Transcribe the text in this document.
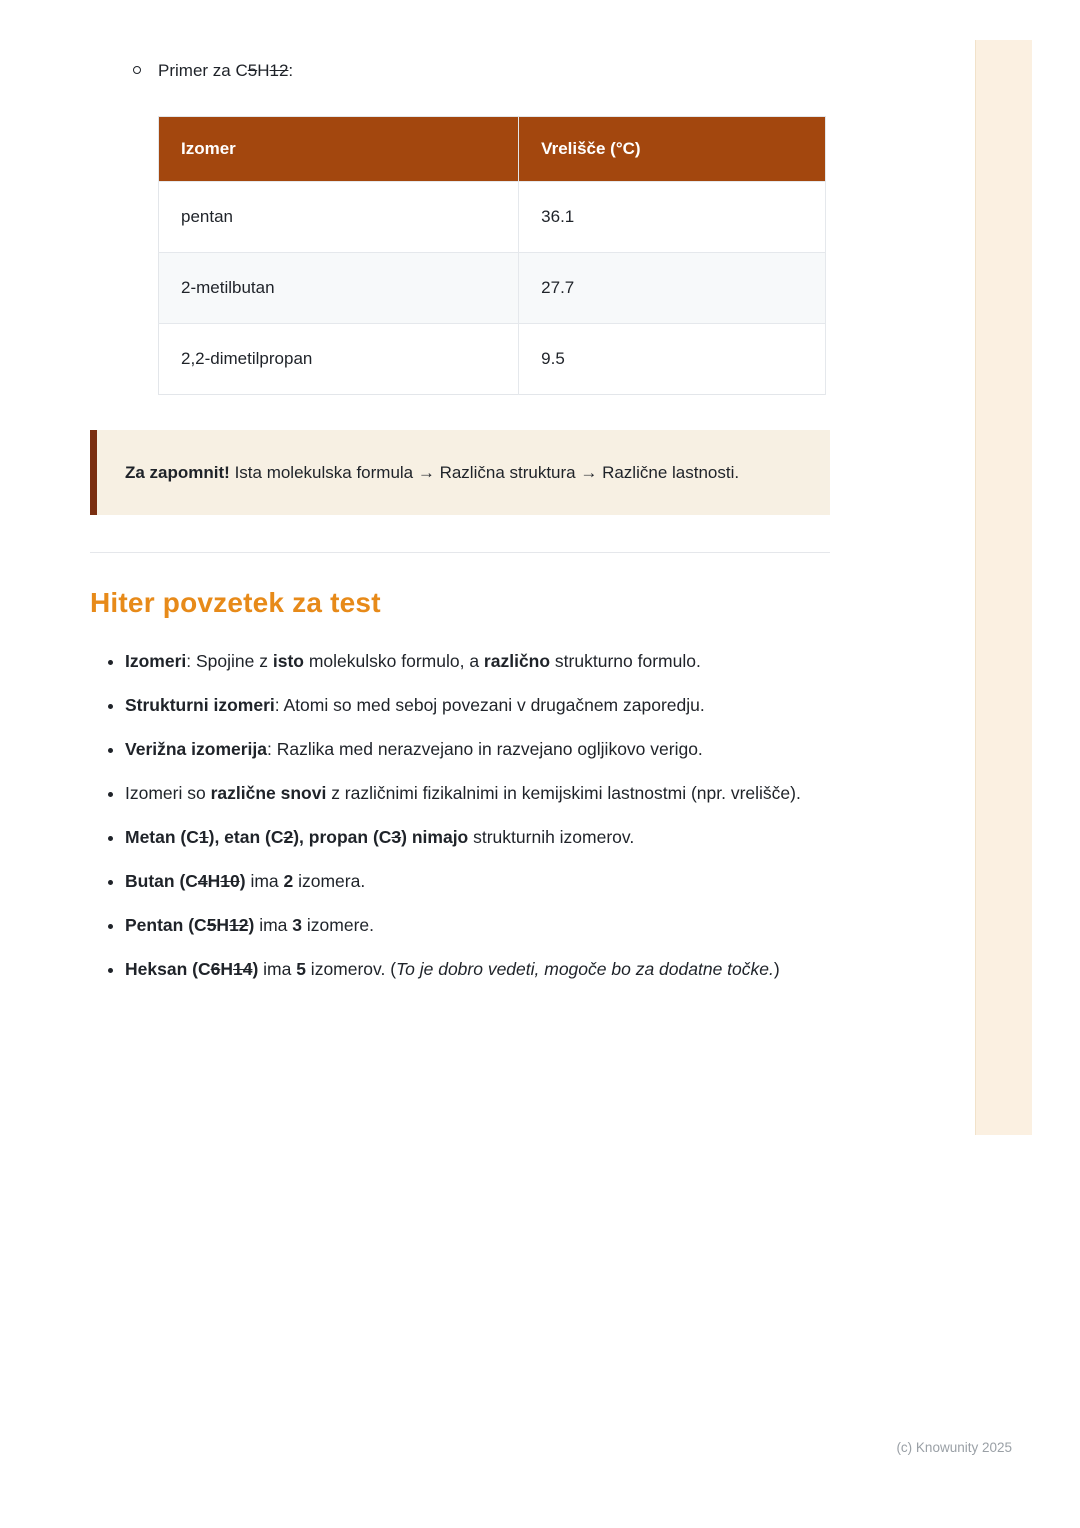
Primer za C5H12:
Izomer	Vrelišče (°C)
pentan	36.1
2-metilbutan	27.7
2,2-dimetilpropan	9.5
Za zapomnit! Ista molekulska formula → Različna struktura → Različne lastnosti.
Hiter povzetek za test
• Izomeri: Spojine z isto molekulsko formulo, a različno strukturno formulo.
• Strukturni izomeri: Atomi so med seboj povezani v drugačnem zaporedju.
• Verižna izomerija: Razlika med nerazvejano in razvejano ogljikovo verigo.
• Izomeri so različne snovi z različnimi fizikalnimi in kemijskimi lastnostmi (npr. vrelišče).
• Metan (C1), etan (C2), propan (C3) nimajo strukturnih izomerov.
• Butan (C4H10) ima 2 izomera.
• Pentan (C5H12) ima 3 izomere.
• Heksan (C6H14) ima 5 izomerov. (To je dobro vedeti, mogoče bo za dodatne točke.)
(c) Knowunity 2025
